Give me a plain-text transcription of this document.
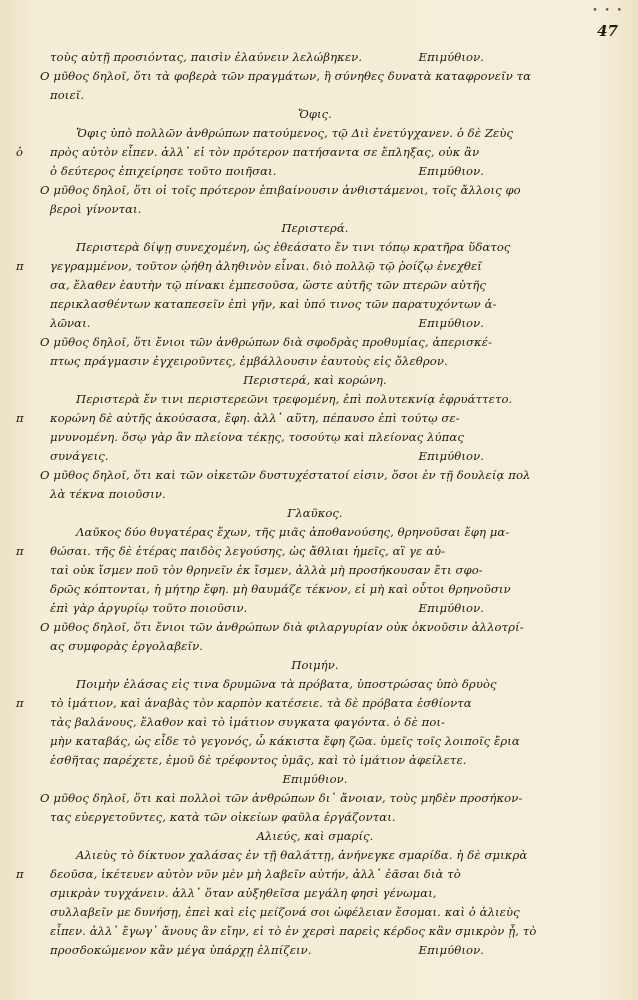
• • •
47
τοὺς αὐτῇ προσιόντας, παισὶν ἐλαύνειν λελώβηκεν.	Επιμύθιον.
Ο μῦθος δηλοῖ, ὅτι τὰ φοβερὰ τῶν πραγμάτων, ἢ σύνηθες δυνατὰ καταφρονεῖν τα
ποιεῖ.
Ὄφις.
Ὄφις ὑπὸ πολλῶν ἀνθρώπων πατούμενος, τῷ Διὶ ἐνετύγχανεν. ὁ δὲ Ζεὺς
πρὸς αὐτὸν εἶπεν. ἀλλ᾽ εἰ τὸν πρότερον πατήσαντα σε ἔπληξας, οὐκ ἂν
ὁ
ὁ δεύτερος ἐπιχείρησε τοῦτο ποιῆσαι.	Επιμύθιον.
Ο μῦθος δηλοῖ, ὅτι οἱ τοῖς πρότερον ἐπιβαίνουσιν ἀνθιστάμενοι, τοῖς ἄλλοις φο
βεροὶ γίνονται.
Περιστερά.
Περιστερὰ δίψῃ συνεχομένη, ὡς ἐθεάσατο ἔν τινι τόπῳ κρατῆρα ὕδατος
γεγραμμένον, τοῦτον ᾠήθη ἀληθινὸν εἶναι. διὸ πολλῷ τῷ ῥοίζῳ ἐνεχθεῖ
π
σα, ἔλαθεν ἑαυτὴν τῷ πίνακι ἐμπεσοῦσα, ὥστε αὐτῆς τῶν πτερῶν αὐτῆς
περικλασθέντων καταπεσεῖν ἐπὶ γῆν, καὶ ὑπό τινος τῶν παρατυχόντων ἁ-
λῶναι.	Επιμύθιον.
Ο μῦθος δηλοῖ, ὅτι ἔνιοι τῶν ἀνθρώπων διὰ σφοδρὰς προθυμίας, ἀπερισκέ-
πτως πράγμασιν ἐγχειροῦντες, ἐμβάλλουσιν ἑαυτοὺς εἰς ὄλεθρον.
Περιστερά, καὶ κορώνη.
Περιστερὰ ἔν τινι περιστερεῶνι τρεφομένη, ἐπὶ πολυτεκνίᾳ ἐφρυάττετο.
κορώνη δὲ αὐτῆς ἀκούσασα, ἔφη. ἀλλ᾽ αὕτη, πέπαυσο ἐπὶ τούτῳ σε-
π
μνυνομένη. ὅσῳ γὰρ ἂν πλείονα τέκῃς, τοσούτῳ καὶ πλείονας λύπας
συνάγεις.	Επιμύθιον.
Ο μῦθος δηλοῖ, ὅτι καὶ τῶν οἰκετῶν δυστυχέστατοί εἰσιν, ὅσοι ἐν τῇ δουλείᾳ πολ
λὰ τέκνα ποιοῦσιν.
Γλαῦκος.
Λαῦκος δύο θυγατέρας ἔχων, τῆς μιᾶς ἀποθανούσης, θρηνοῦσαι ἔφη μα-
θώσαι. τῆς δὲ ἑτέρας παιδὸς λεγούσης, ὡς ἄθλιαι ἡμεῖς, αἳ γε αὐ-
π
ταὶ οὐκ ἴσμεν ποῦ τὸν θρηνεῖν ἐκ ἴσμεν, ἀλλὰ μὴ προσήκουσαν ἔτι σφο-
δρῶς κόπτονται, ἡ μήτηρ ἔφη. μὴ θαυμάζε τέκνον, εἰ μὴ καὶ οὗτοι θρηνοῦσιν
ἐπὶ γὰρ ἀργυρίῳ τοῦτο ποιοῦσιν.	Επιμύθιον.
Ο μῦθος δηλοῖ, ὅτι ἔνιοι τῶν ἀνθρώπων διὰ φιλαργυρίαν οὐκ ὀκνοῦσιν ἀλλοτρί-
ας συμφορὰς ἐργολαβεῖν.
Ποιμήν.
Ποιμὴν ἐλάσας εἰς τινα δρυμῶνα τὰ πρόβατα, ὑποστρώσας ὑπὸ δρυὸς
τὸ ἱμάτιον, καὶ ἀναβὰς τὸν καρπὸν κατέσειε. τὰ δὲ πρόβατα ἐσθίοντα
π
τὰς βαλάνους, ἔλαθον καὶ τὸ ἱμάτιον συγκατα φαγόντα. ὁ δὲ ποι-
μὴν καταβάς, ὡς εἶδε τὸ γεγονός, ὦ κάκιστα ἔφη ζῶα. ὑμεῖς τοῖς λοιποῖς ἔρια
ἐσθῆτας παρέχετε, ἐμοῦ δὲ τρέφοντος ὑμᾶς, καὶ τὸ ἱμάτιον ἀφείλετε.
Επιμύθιον.
Ο μῦθος δηλοῖ, ὅτι καὶ πολλοὶ τῶν ἀνθρώπων δι᾽ ἄνοιαν, τοὺς μηδὲν προσήκον-
τας εὐεργετοῦντες, κατὰ τῶν οἰκείων φαῦλα ἐργάζονται.
Αλιεύς, καὶ σμαρίς.
Αλιεὺς τὸ δίκτυον χαλάσας ἐν τῇ θαλάττῃ, ἀνήνεγκε σμαρίδα. ἡ δὲ σμικρὰ
δεοῦσα, ἱκέτευεν αὐτὸν νῦν μὲν μὴ λαβεῖν αὐτήν, ἀλλ᾽ ἐᾶσαι διὰ τὸ
π
σμικρὰν τυγχάνειν. ἀλλ᾽ ὅταν αὐξηθεῖσα μεγάλη φησὶ γένωμαι,
συλλαβεῖν με δυνήσῃ, ἐπεὶ καὶ εἰς μείζονά σοι ὠφέλειαν ἔσομαι. καὶ ὁ ἁλιεὺς
εἶπεν. ἀλλ᾽ ἔγωγ᾽ ἄνους ἂν εἴην, εἰ τὸ ἐν χερσὶ παρεὶς κέρδος κἂν σμικρὸν ᾖ, τὸ
προσδοκώμενον κἂν μέγα ὑπάρχῃ ἐλπίζειν.	Επιμύθιον.
